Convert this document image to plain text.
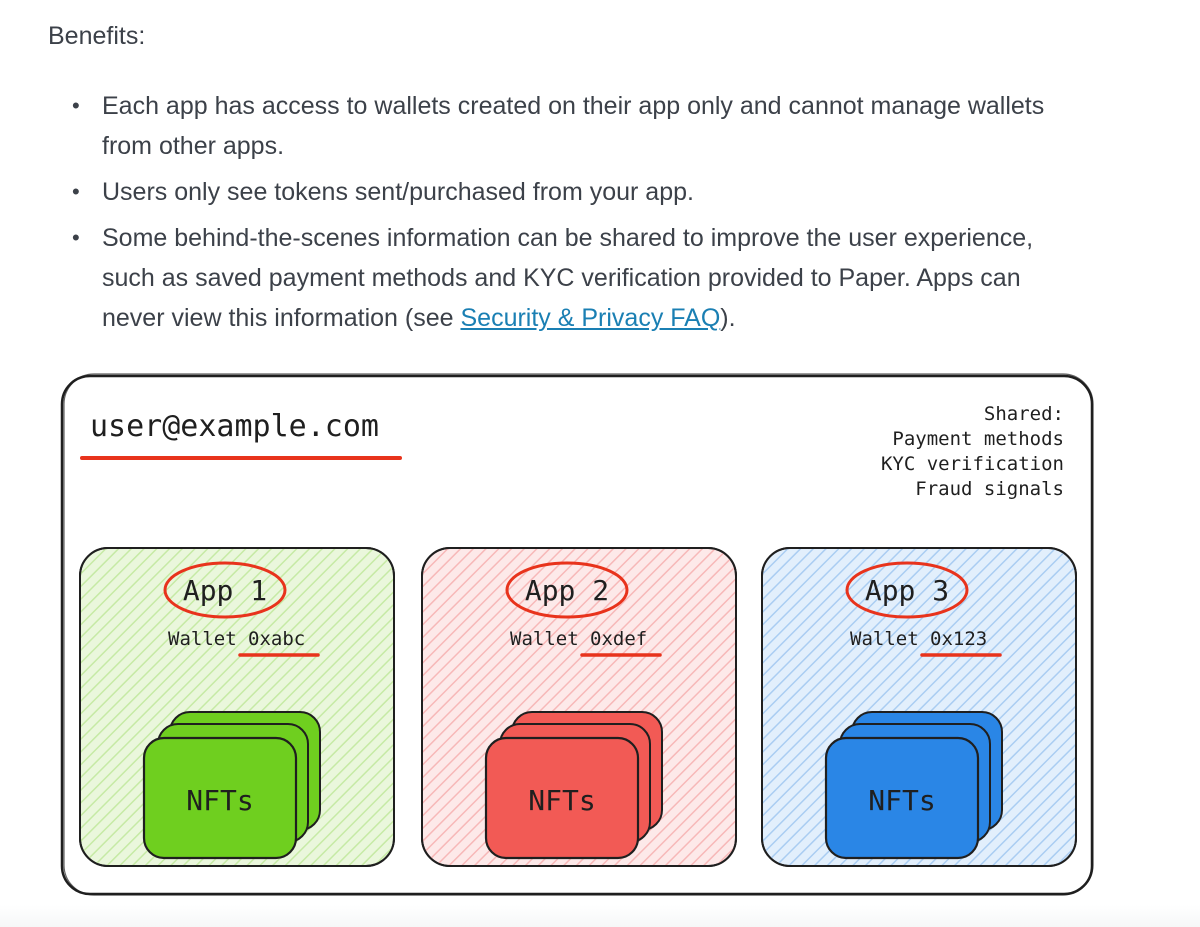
Benefits:
• Each app has access to wallets created on their app only and cannot manage wallets from other apps.
• Users only see tokens sent/purchased from your app.
• Some behind-the-scenes information can be shared to improve the user experience, such as saved payment methods and KYC verification provided to Paper. Apps can never view this information (see Security & Privacy FAQ).
user@example.com	Shared:
Payment methods
KYC verification
Fraud signals
App 1
Wallet 0xabc
NFTs
App 2
Wallet 0xdef
NFTs
App 3
Wallet 0x123
NFTs
